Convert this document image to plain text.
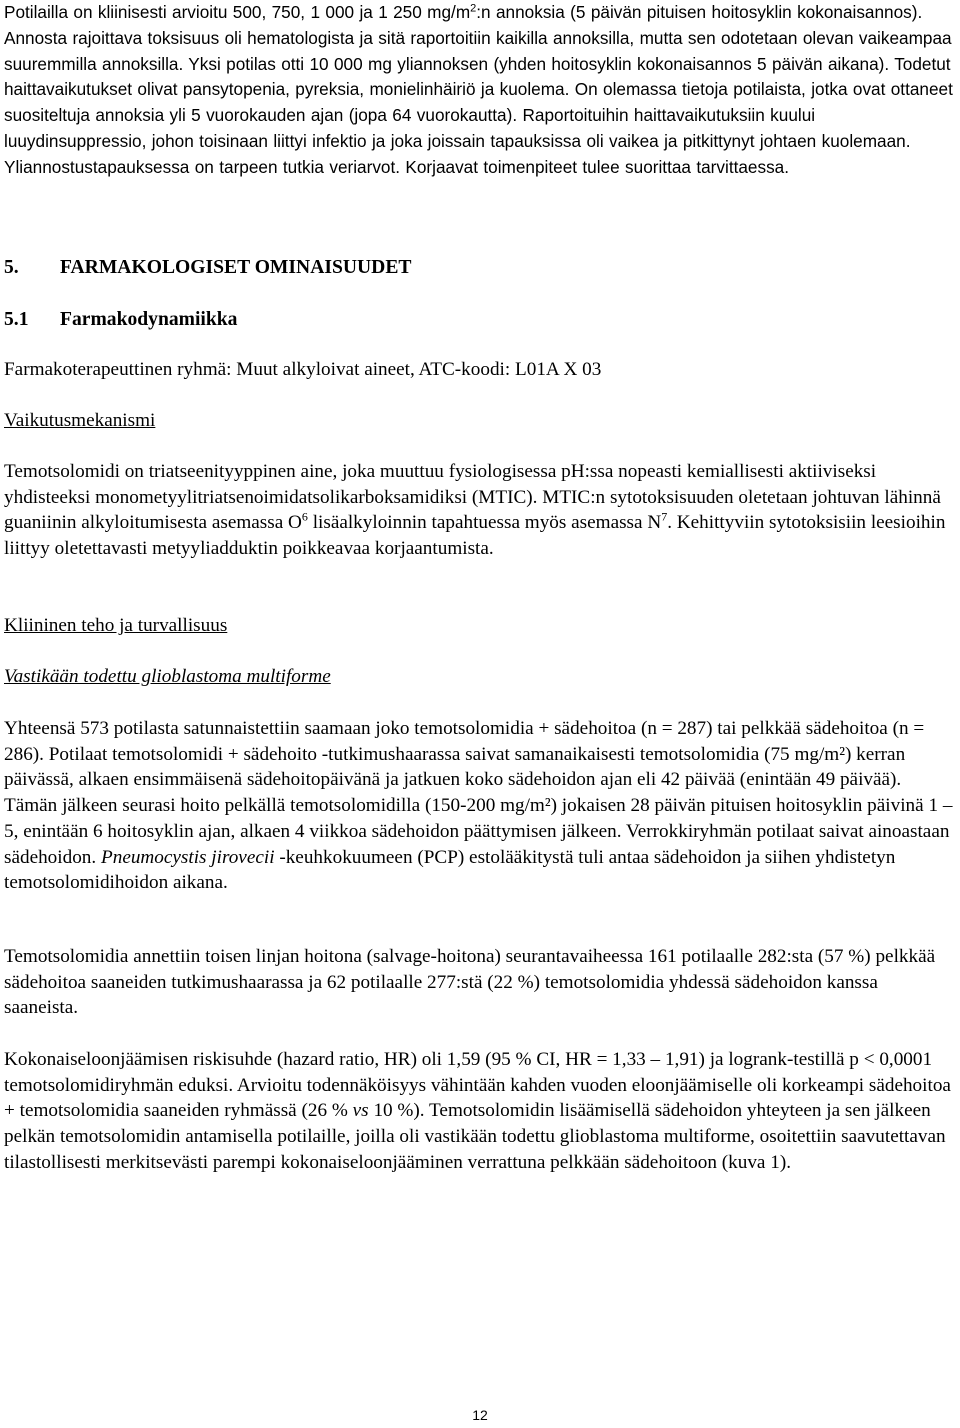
Potilailla on kliinisesti arvioitu 500, 750, 1 000 ja 1 250 $mg/m^2:n$ annoksia (5 päivän pituisen hoitosyklin kokonaisannos). Annosta rajoittava toksisuus oli hematologista ja sitä raportoitiin kaikilla annoksilla, mutta sen odotetaan olevan vaikeampaa suuremmilla annoksilla. Yksi potilas otti 10 000 mg yliannoksen (yhden hoitosyklin kokonaisannos 5 päivän aikana). Todetut haittavaikutukset olivat pansytopenia, pyreksia, monielinhäiriö ja kuolema. On olemassa tietoja potilaista, jotka ovat ottaneet suositeltuja annoksia yli 5 vuorokauden ajan (jopa 64 vuorokautta). Raportoituihin haittavaikutuksiin kuului luuydinsuppressio, johon toisinaan liittyi infektio ja joka joissain tapauksissa oli vaikea ja pitkittynyt johtaen kuolemaan. Yliannostustapauksessa on tarpeen tutkia veriarvot. Korjaavat toimenpiteet tulee suorittaa tarvittaessa.

5. FARMAKOLOGISET OMINAISUUDET
5.1 Farmakodynamiikka

Farmakoterapeuttinen ryhmä: Muut alkyloivat aineet, ATC-koodi: L01A X 03

Vaikutusmekanismi

Temotsolomidi on triatseenityyppinen aine, joka muuttuu fysiologisessa pH:ssa nopeasti kemiallisesti aktiiviseksi yhdisteeksi monometyylitriatsenoimidatsolikarboksamidiksi (MTIC). MTIC:n sytotoksisuuden oletetaan johtuvan lähinnä guaniinin alkyloitumisesta asemassa $O^6$ lisäalkyloinnin tapahtuessa myös asemassa $N^7$. Kehittyviin sytotoksisiin leesioihin liittyy oletettavasti metyyliadduktin poikkeavaa korjaantumista.

Kliininen teho ja turvallisuus

Vastikään todettu glioblastoma multiforme

Yhteensä 573 potilasta satunnaistettiin saamaan joko temotsolomidia + sädehoitoa (n = 287) tai pelkkää sädehoitoa (n = 286). Potilaat temotsolomidi + sädehoito -tutkimushaarassa saivat samanaikaisesti temotsolomidia (75 mg/m²) kerran päivässä, alkaen ensimmäisenä sädehoitopäivänä ja jatkuen koko sädehoidon ajan eli 42 päivää (enintään 49 päivää). Tämän jälkeen seurasi hoito pelkällä temotsolomidilla (150-200 mg/m²) jokaisen 28 päivän pituisen hoitosyklin päivinä 1 – 5, enintään 6 hoitosyklin ajan, alkaen 4 viikkoa sädehoidon päättymisen jälkeen. Verrokkiryhmän potilaat saivat ainoastaan sädehoidon. Pneumocystis jirovecii -keuhkokuumeen (PCP) estolääkitystä tuli antaa sädehoidon ja siihen yhdistetyn temotsolomidihoidon aikana.

Temotsolomidia annettiin toisen linjan hoitona (salvage-hoitona) seurantavaiheessa 161 potilaalle 282:sta (57 %) pelkkää sädehoitoa saaneiden tutkimushaarassa ja 62 potilaalle 277:stä (22 %) temotsolomidia yhdessä sädehoidon kanssa saaneista.

Kokonaiseloonjäämisen riskisuhde (hazard ratio, HR) oli 1,59 (95 % CI, HR = 1,33 – 1,91) ja logrank-testillä p < 0,0001 temotsolomidiryhmän eduksi. Arvioitu todennäköisyys vähintään kahden vuoden eloonjäämiselle oli korkeampi sädehoitoa + temotsolomidia saaneiden ryhmässä (26 % vs 10 %). Temotsolomidin lisäämisellä sädehoidon yhteyteen ja sen jälkeen pelkän temotsolomidin antamisella potilaille, joilla oli vastikään todettu glioblastoma multiforme, osoitettiin saavutettavan tilastollisesti merkitsevästi parempi kokonaiseloonjääminen verrattuna pelkkään sädehoitoon (kuva 1).

12
